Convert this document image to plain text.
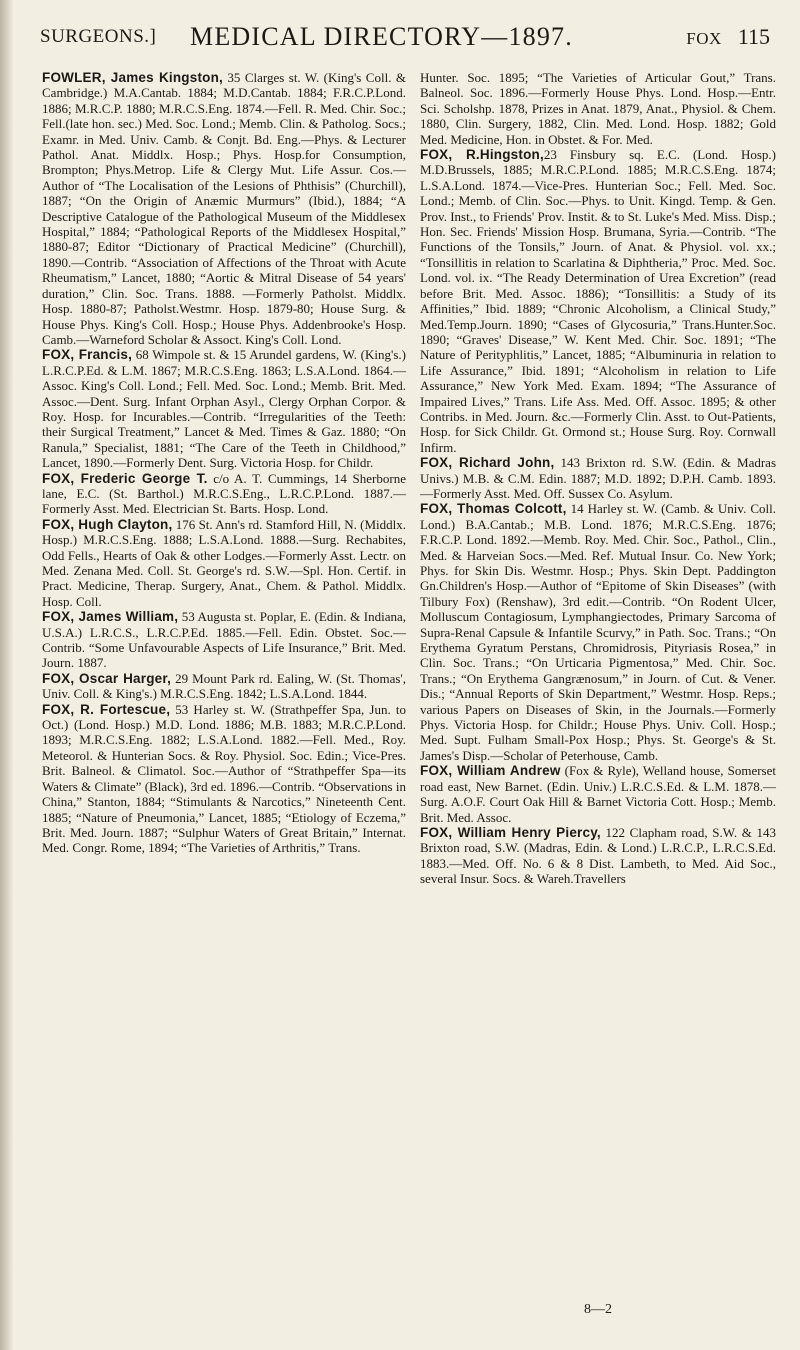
SURGEONS.] MEDICAL DIRECTORY—1897.	FOX 115

FOWLER, James Kingston, 35 Clarges st. W. (King's Coll. & Cambridge.) M.A.Cantab. 1884; M.D.Cantab. 1884; F.R.C.P.Lond. 1886; M.R.C.P. 1880; M.R.C.S.Eng. 1874.—Fell. R. Med. Chir. Soc.; Fell.(late hon. sec.) Med. Soc. Lond.; Memb. Clin. & Patholog. Socs.; Examr. in Med. Univ. Camb. & Conjt. Bd. Eng.—Phys. & Lecturer Pathol. Anat. Middlx. Hosp.; Phys. Hosp.for Consumption, Brompton; Phys.Metrop. Life & Clergy Mut. Life Assur. Cos.—Author of “The Localisation of the Lesions of Phthisis” (Churchill), 1887; “On the Origin of Anæmic Murmurs” (Ibid.), 1884; “A Descriptive Catalogue of the Pathological Museum of the Middlesex Hospital,” 1884; “Pathological Reports of the Middlesex Hospital,” 1880-87; Editor “Dictionary of Practical Medicine” (Churchill), 1890.—Contrib. “Association of Affections of the Throat with Acute Rheumatism,” Lancet, 1880; “Aortic & Mitral Disease of 54 years' duration,” Clin. Soc. Trans. 1888. —Formerly Patholst. Middlx. Hosp. 1880-87; Patholst.Westmr. Hosp. 1879-80; House Surg. & House Phys. King's Coll. Hosp.; House Phys. Addenbrooke's Hosp. Camb.—Warneford Scholar & Assoct. King's Coll. Lond.

FOX, Francis, 68 Wimpole st. & 15 Arundel gardens, W. (King's.) L.R.C.P.Ed. & L.M. 1867; M.R.C.S.Eng. 1863; L.S.A.Lond. 1864.—Assoc. King's Coll. Lond.; Fell. Med. Soc. Lond.; Memb. Brit. Med. Assoc.—Dent. Surg. Infant Orphan Asyl., Clergy Orphan Corpor. & Roy. Hosp. for Incurables.—Contrib. “Irregularities of the Teeth: their Surgical Treatment,” Lancet & Med. Times & Gaz. 1880; “On Ranula,” Specialist, 1881; “The Care of the Teeth in Childhood,” Lancet, 1890.—Formerly Dent. Surg. Victoria Hosp. for Childr.

FOX, Frederic George T. c/o A. T. Cummings, 14 Sherborne lane, E.C. (St. Barthol.) M.R.C.S.Eng., L.R.C.P.Lond. 1887.—Formerly Asst. Med. Electrician St. Barts. Hosp. Lond.

FOX, Hugh Clayton, 176 St. Ann's rd. Stamford Hill, N. (Middlx. Hosp.) M.R.C.S.Eng. 1888; L.S.A.Lond. 1888.—Surg. Rechabites, Odd Fells., Hearts of Oak & other Lodges.—Formerly Asst. Lectr. on Med. Zenana Med. Coll. St. George's rd. S.W.—Spl. Hon. Certif. in Pract. Medicine, Therap. Surgery, Anat., Chem. & Pathol. Middlx. Hosp. Coll.

FOX, James William, 53 Augusta st. Poplar, E. (Edin. & Indiana, U.S.A.) L.R.C.S., L.R.C.P.Ed. 1885.—Fell. Edin. Obstet. Soc.—Contrib. “Some Unfavourable Aspects of Life Insurance,” Brit. Med. Journ. 1887.

FOX, Oscar Harger, 29 Mount Park rd. Ealing, W. (St. Thomas', Univ. Coll. & King's.) M.R.C.S.Eng. 1842; L.S.A.Lond. 1844.

FOX, R. Fortescue, 53 Harley st. W. (Strathpeffer Spa, Jun. to Oct.) (Lond. Hosp.) M.D. Lond. 1886; M.B. 1883; M.R.C.P.Lond. 1893; M.R.C.S.Eng. 1882; L.S.A.Lond. 1882.—Fell. Med., Roy. Meteorol. & Hunterian Socs. & Roy. Physiol. Soc. Edin.; Vice-Pres. Brit. Balneol. & Climatol. Soc.—Author of “Strathpeffer Spa—its Waters & Climate” (Black), 3rd ed. 1896.—Contrib. “Observations in China,” Stanton, 1884; “Stimulants & Narcotics,” Nineteenth Cent. 1885; “Nature of Pneumonia,” Lancet, 1885; “Etiology of Eczema,” Brit. Med. Journ. 1887; “Sulphur Waters of Great Britain,” Internat. Med. Congr. Rome, 1894; “The Varieties of Arthritis,” Trans.

Hunter. Soc. 1895; “The Varieties of Articular Gout,” Trans. Balneol. Soc. 1896.—Formerly House Phys. Lond. Hosp.—Entr. Sci. Scholshp. 1878, Prizes in Anat. 1879, Anat., Physiol. & Chem. 1880, Clin. Surgery, 1882, Clin. Med. Lond. Hosp. 1882; Gold Med. Medicine, Hon. in Obstet. & For. Med.

FOX, R.Hingston,23 Finsbury sq. E.C. (Lond. Hosp.) M.D.Brussels, 1885; M.R.C.P.Lond. 1885; M.R.C.S.Eng. 1874; L.S.A.Lond. 1874.—Vice-Pres. Hunterian Soc.; Fell. Med. Soc. Lond.; Memb. of Clin. Soc.—Phys. to Unit. Kingd. Temp. & Gen. Prov. Inst., to Friends' Prov. Instit. & to St. Luke's Med. Miss. Disp.; Hon. Sec. Friends' Mission Hosp. Brumana, Syria.—Contrib. “The Functions of the Tonsils,” Journ. of Anat. & Physiol. vol. xx.; “Tonsillitis in relation to Scarlatina & Diphtheria,” Proc. Med. Soc. Lond. vol. ix. “The Ready Determination of Urea Excretion” (read before Brit. Med. Assoc. 1886); “Tonsillitis: a Study of its Affinities,” Ibid. 1889; “Chronic Alcoholism, a Clinical Study,” Med.Temp.Journ. 1890; “Cases of Glycosuria,” Trans.Hunter.Soc. 1890; “Graves' Disease,” W. Kent Med. Chir. Soc. 1891; “The Nature of Perityphlitis,” Lancet, 1885; “Albuminuria in relation to Life Assurance,” Ibid. 1891; “Alcoholism in relation to Life Assurance,” New York Med. Exam. 1894; “The Assurance of Impaired Lives,” Trans. Life Ass. Med. Off. Assoc. 1895; & other Contribs. in Med. Journ. &c.—Formerly Clin. Asst. to Out-Patients, Hosp. for Sick Childr. Gt. Ormond st.; House Surg. Roy. Cornwall Infirm.

FOX, Richard John, 143 Brixton rd. S.W. (Edin. & Madras Univs.) M.B. & C.M. Edin. 1887; M.D. 1892; D.P.H. Camb. 1893.—Formerly Asst. Med. Off. Sussex Co. Asylum.

FOX, Thomas Colcott, 14 Harley st. W. (Camb. & Univ. Coll. Lond.) B.A.Cantab.; M.B. Lond. 1876; M.R.C.S.Eng. 1876; F.R.C.P. Lond. 1892.—Memb. Roy. Med. Chir. Soc., Pathol., Clin., Med. & Harveian Socs.—Med. Ref. Mutual Insur. Co. New York; Phys. for Skin Dis. Westmr. Hosp.; Phys. Skin Dept. Paddington Gn.Children's Hosp.—Author of “Epitome of Skin Diseases” (with Tilbury Fox) (Renshaw), 3rd edit.—Contrib. “On Rodent Ulcer, Molluscum Contagiosum, Lymphangiectodes, Primary Sarcoma of Supra-Renal Capsule & Infantile Scurvy,” in Path. Soc. Trans.; “On Erythema Gyratum Perstans, Chromidrosis, Pityriasis Rosea,” in Clin. Soc. Trans.; “On Urticaria Pigmentosa,” Med. Chir. Soc. Trans.; “On Erythema Gangrænosum,” in Journ. of Cut. & Vener. Dis.; “Annual Reports of Skin Department,” Westmr. Hosp. Reps.; various Papers on Diseases of Skin, in the Journals.—Formerly Phys. Victoria Hosp. for Childr.; House Phys. Univ. Coll. Hosp.; Med. Supt. Fulham Small-Pox Hosp.; Phys. St. George's & St. James's Disp.—Scholar of Peterhouse, Camb.

FOX, William Andrew (Fox & Ryle), Welland house, Somerset road east, New Barnet. (Edin. Univ.) L.R.C.S.Ed. & L.M. 1878.—Surg. A.O.F. Court Oak Hill & Barnet Victoria Cott. Hosp.; Memb. Brit. Med. Assoc.

FOX, William Henry Piercy, 122 Clapham road, S.W. & 143 Brixton road, S.W. (Madras, Edin. & Lond.) L.R.C.P., L.R.C.S.Ed. 1883.—Med. Off. No. 6 & 8 Dist. Lambeth, to Med. Aid Soc., several Insur. Socs. & Wareh.Travellers

8—2
